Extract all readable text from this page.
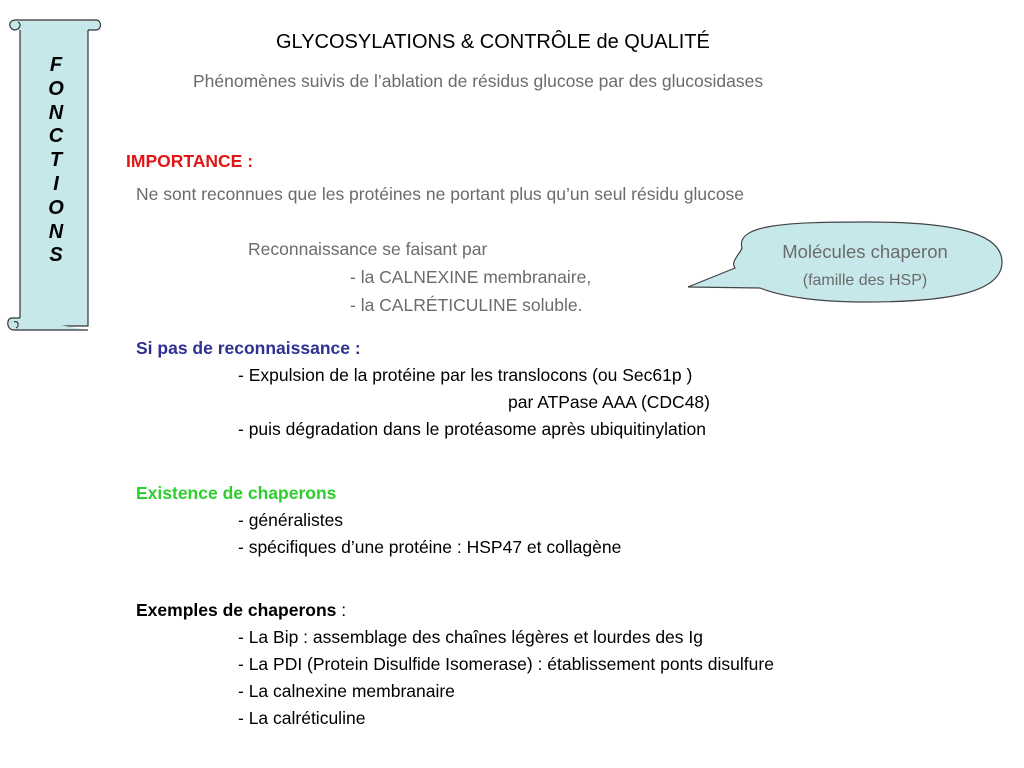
F
O
N
C
T
I
O
N
S
GLYCOSYLATIONS & CONTRÔLE de QUALITÉ
Phénomènes suivis de l’ablation de résidus glucose par des glucosidases
IMPORTANCE :
Ne sont reconnues que les protéines ne portant plus qu’un seul résidu glucose
Reconnaissance se faisant par
- la CALNEXINE membranaire,
- la CALRÉTICULINE soluble.
Molécules chaperon
(famille des HSP)
Si pas de reconnaissance :
- Expulsion de la protéine par les translocons (ou Sec61p )
par ATPase AAA (CDC48)
- puis dégradation dans le protéasome après ubiquitinylation
Existence de chaperons
- généralistes
- spécifiques d’une protéine : HSP47 et collagène
Exemples de chaperons :
- La Bip : assemblage des chaînes légères et lourdes des Ig
- La PDI (Protein Disulfide Isomerase) : établissement ponts disulfure
- La calnexine membranaire
- La calréticuline
